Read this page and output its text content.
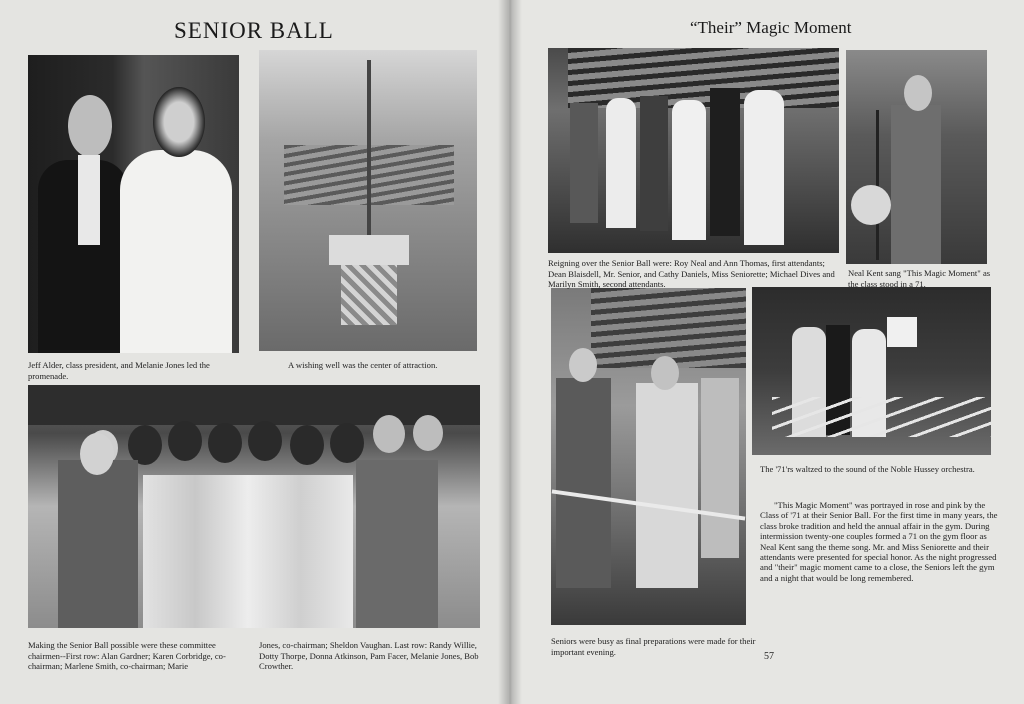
SENIOR BALL	“Their” Magic Moment
Jeff Alder, class president, and Melanie Jones led the promenade.
A wishing well was the center of attraction.
Making the Senior Ball possible were these committee chairmen--First row: Alan Gardner; Karen Corbridge, co-chairman; Marlene Smith, co-chairman; Marie
Jones, co-chairman; Sheldon Vaughan. Last row: Randy Willie, Dotty Thorpe, Donna Atkinson, Pam Facer, Melanie Jones, Bob Crowther.
Reigning over the Senior Ball were: Roy Neal and Ann Thomas, first attendants; Dean Blaisdell, Mr. Senior, and Cathy Daniels, Miss Seniorette; Michael Dives and Marilyn Smith, second attendants.
Neal Kent sang "This Magic Moment" as the class stood in a 71.
The '71'rs waltzed to the sound of the Noble Hussey orchestra.
Seniors were busy as final preparations were made for their important evening.
"This Magic Moment" was portrayed in rose and pink by the Class of '71 at their Senior Ball. For the first time in many years, the class broke tradition and held the annual affair in the gym. During intermission twenty-one couples formed a 71 on the gym floor as Neal Kent sang the theme song. Mr. and Miss Seniorette and their attendants were presented for special honor. As the night progressed and "their" magic moment came to a close, the Seniors left the gym and a night that would be long remembered.
57
